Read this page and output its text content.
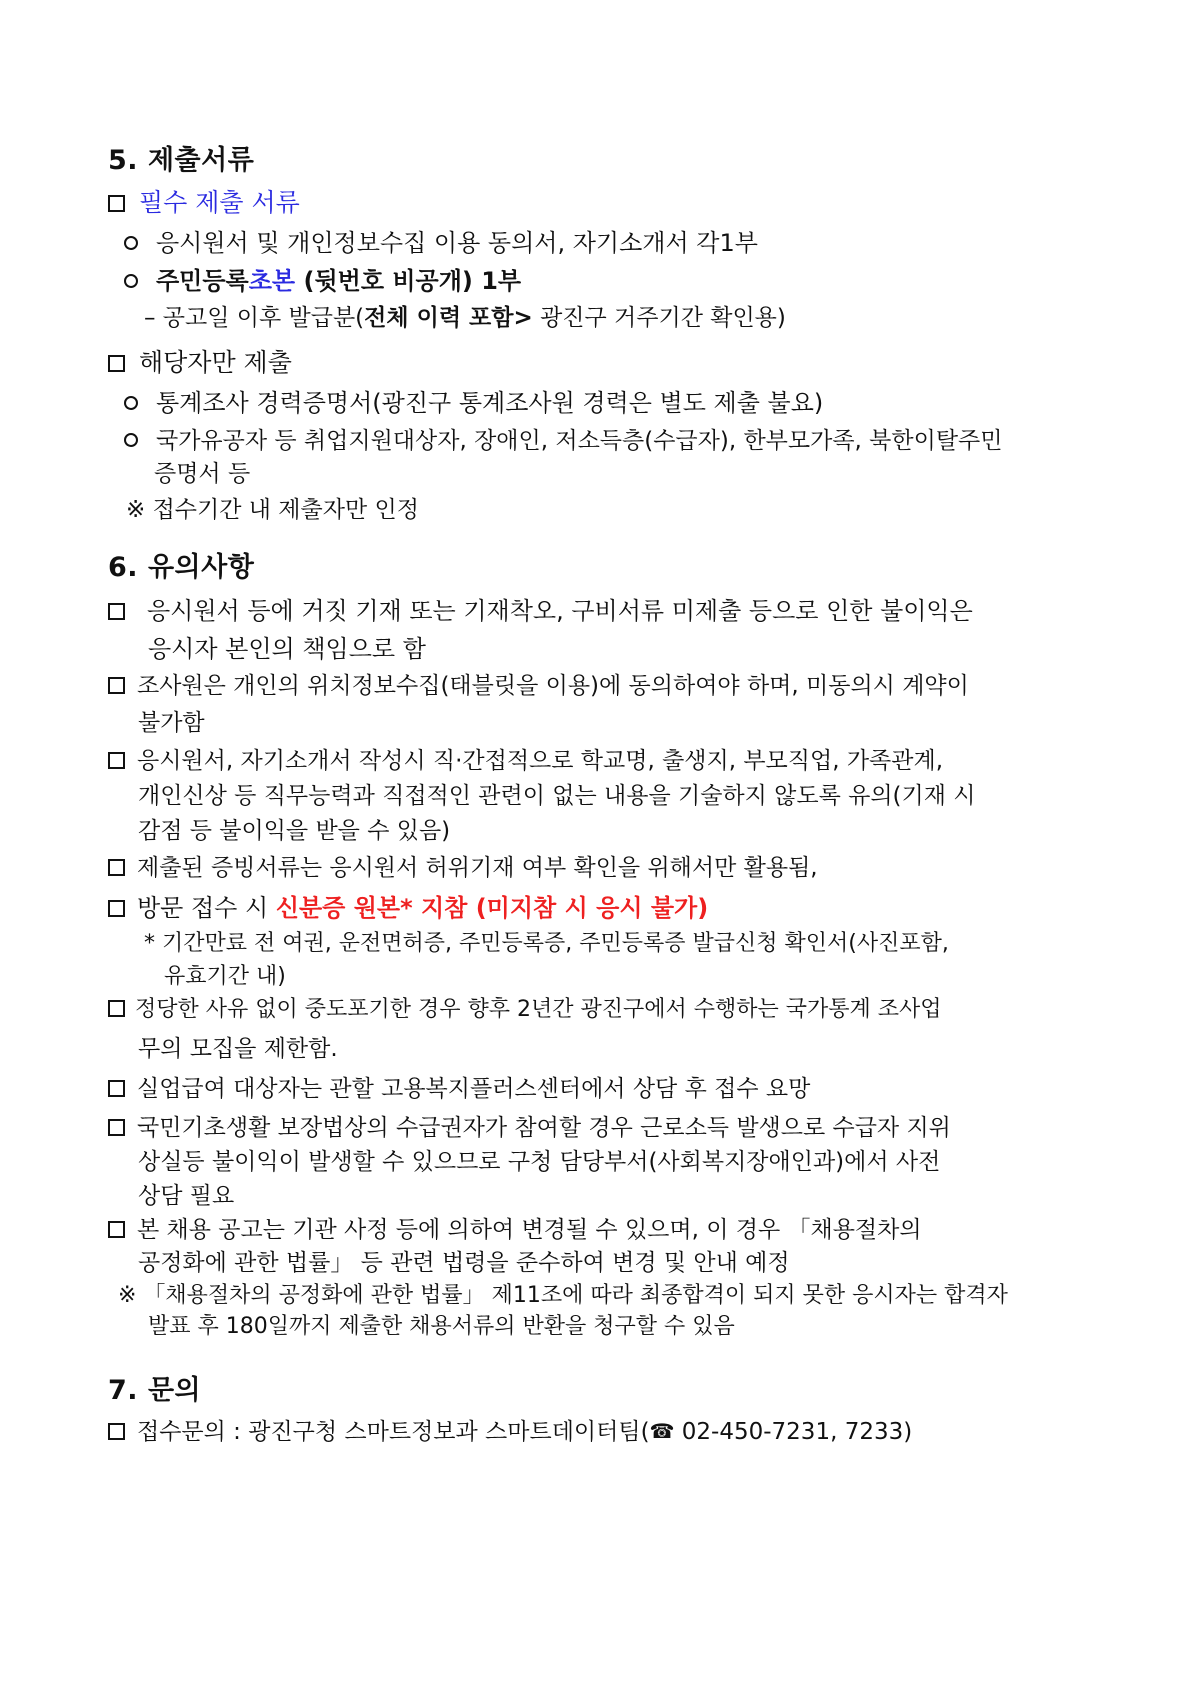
5. 제출서류
필수 제출 서류
응시원서 및 개인정보수집 이용 동의서, 자기소개서 각1부
주민등록초본 (뒷번호 비공개) 1부
– 공고일 이후 발급분(전체 이력 포함> 광진구 거주기간 확인용)
해당자만 제출
통계조사 경력증명서(광진구 통계조사원 경력은 별도 제출 불요)
국가유공자 등 취업지원대상자, 장애인, 저소득층(수급자), 한부모가족, 북한이탈주민
증명서 등
※ 접수기간 내 제출자만 인정
6. 유의사항
응시원서 등에 거짓 기재 또는 기재착오, 구비서류 미제출 등으로 인한 불이익은
응시자 본인의 책임으로 함
조사원은 개인의 위치정보수집(태블릿을 이용)에 동의하여야 하며, 미동의시 계약이
불가함
응시원서, 자기소개서 작성시 직·간접적으로 학교명, 출생지, 부모직업, 가족관계,
개인신상 등 직무능력과 직접적인 관련이 없는 내용을 기술하지 않도록 유의(기재 시
감점 등 불이익을 받을 수 있음)
제출된 증빙서류는 응시원서 허위기재 여부 확인을 위해서만 활용됨,
방문 접수 시 신분증 원본* 지참 (미지참 시 응시 불가)
* 기간만료 전 여권, 운전면허증, 주민등록증, 주민등록증 발급신청 확인서(사진포함,
유효기간 내)
정당한 사유 없이 중도포기한 경우 향후 2년간 광진구에서 수행하는 국가통계 조사업
무의 모집을 제한함.
실업급여 대상자는 관할 고용복지플러스센터에서 상담 후 접수 요망
국민기초생활 보장법상의 수급권자가 참여할 경우 근로소득 발생으로 수급자 지위
상실등 불이익이 발생할 수 있으므로 구청 담당부서(사회복지장애인과)에서 사전
상담 필요
본 채용 공고는 기관 사정 등에 의하여 변경될 수 있으며, 이 경우 「채용절차의
공정화에 관한 법률」 등 관련 법령을 준수하여 변경 및 안내 예정
※ 「채용절차의 공정화에 관한 법률」 제11조에 따라 최종합격이 되지 못한 응시자는 합격자
발표 후 180일까지 제출한 채용서류의 반환을 청구할 수 있음
7. 문의
접수문의 : 광진구청 스마트정보과 스마트데이터팀(☎ 02-450-7231, 7233)
